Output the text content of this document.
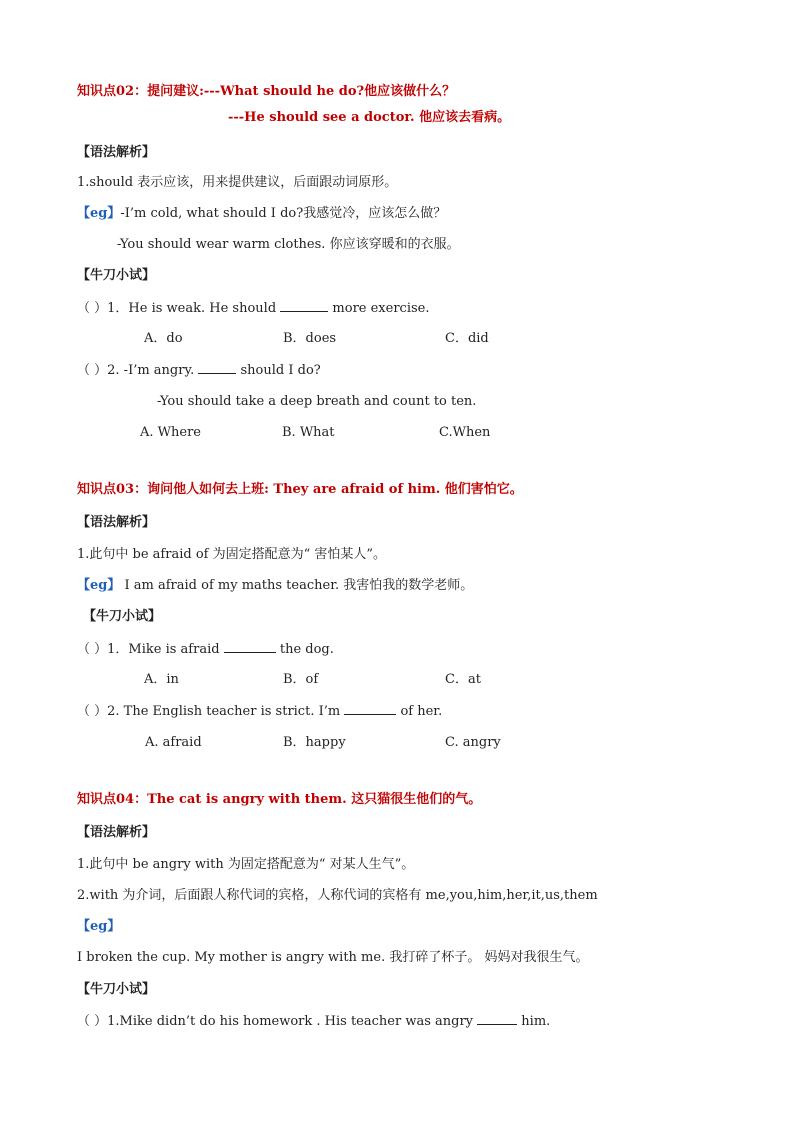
知识点02：提问建议:---What should he do?他应该做什么？
---He should see a doctor. 他应该去看病。
【语法解析】
1.should 表示应该，用来提供建议，后面跟动词原形。
【eg】-I’m cold, what should I do?我感觉冷，应该怎么做？
-You should wear warm clothes. 你应该穿暖和的衣服。
【牛刀小试】
（ ）1．He is weak. He should	more exercise.
A．do	B．does	C．did
（ ）2. -I’m angry.	should I do?
-You should take a deep breath and count to ten.
A. Where	B. What	C.When
知识点03：询问他人如何去上班: They are afraid of him. 他们害怕它。
【语法解析】
1.此句中 be afraid of 为固定搭配意为“ 害怕某人”。
【eg】 I am afraid of my maths teacher. 我害怕我的数学老师。
【牛刀小试】
（ ）1．Mike is afraid	the dog.
A．in	B．of	C．at
（ ）2. The English teacher is strict. I’m	of her.
A. afraid	B．happy	C. angry
知识点04：The cat is angry with them. 这只猫很生他们的气。
【语法解析】
1.此句中 be angry with 为固定搭配意为“ 对某人生气”。
2.with 为介词，后面跟人称代词的宾格，人称代词的宾格有 me,you,him,her,it,us,them
【eg】
I broken the cup. My mother is angry with me. 我打碎了杯子。 妈妈对我很生气。
【牛刀小试】
（ ）1.Mike didn’t do his homework . His teacher was angry	him.
